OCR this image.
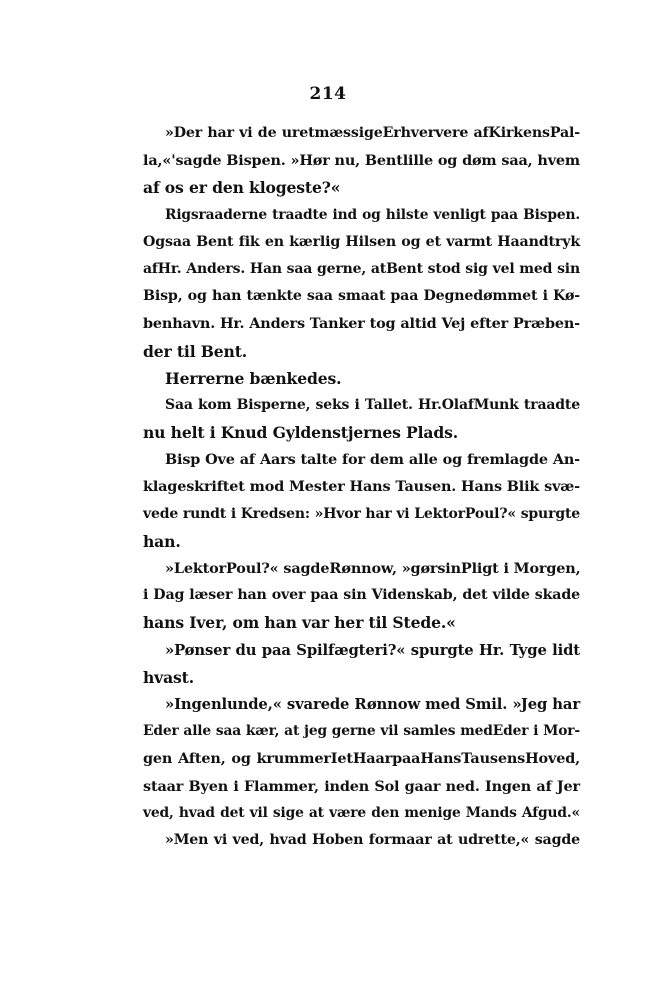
214
»Der har vi de uretmæssigeErhververe afKirkensPal-
la,«'sagde Bispen. »Hør nu, Bentlille og døm saa, hvem
af os er den klogeste?«
Rigsraaderne traadte ind og hilste venligt paa Bispen.
Ogsaa Bent fik en kærlig Hilsen og et varmt Haandtryk
afHr. Anders. Han saa gerne, atBent stod sig vel med sin
Bisp, og han tænkte saa smaat paa Degnedømmet i Kø-
benhavn. Hr. Anders Tanker tog altid Vej efter Præben-
der til Bent.
Herrerne bænkedes.
Saa kom Bisperne, seks i Tallet. Hr.OlafMunk traadte
nu helt i Knud Gyldenstjernes Plads.
Bisp Ove af Aars talte for dem alle og fremlagde An-
klageskriftet mod Mester Hans Tausen. Hans Blik svæ-
vede rundt i Kredsen: »Hvor har vi LektorPoul?« spurgte
han.
»LektorPoul?« sagdeRønnow, »gørsinPligt i Morgen,
i Dag læser han over paa sin Videnskab, det vilde skade
hans Iver, om han var her til Stede.«
»Pønser du paa Spilfægteri?« spurgte Hr. Tyge lidt
hvast.
»Ingenlunde,« svarede Rønnow med Smil. »Jeg har
Eder alle saa kær, at jeg gerne vil samles medEder i Mor-
gen Aften, og krummerIetHaarpaaHansTausensHoved,
staar Byen i Flammer, inden Sol gaar ned. Ingen af Jer
ved, hvad det vil sige at være den menige Mands Afgud.«
»Men vi ved, hvad Hoben formaar at udrette,« sagde
